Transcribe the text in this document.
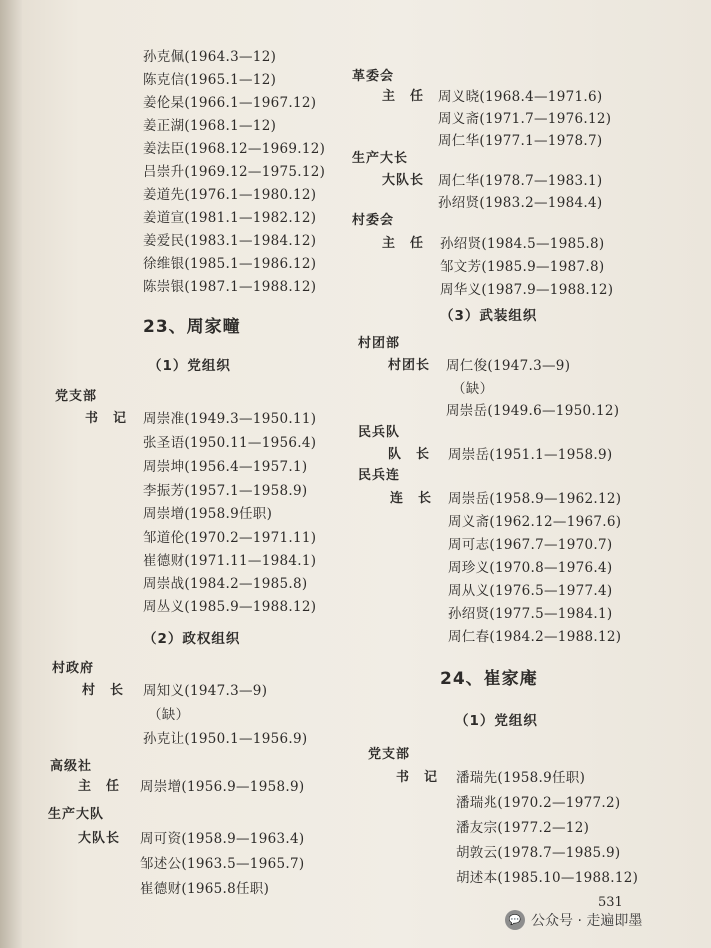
孙克佩(1964.3—12)
陈克信(1965.1—12)
姜伦杲(1966.1—1967.12)
姜正湖(1968.1—12)
姜法臣(1968.12—1969.12)
吕崇升(1969.12—1975.12)
姜道先(1976.1—1980.12)
姜道宣(1981.1—1982.12)
姜爱民(1983.1—1984.12)
徐维银(1985.1—1986.12)
陈崇银(1987.1—1988.12)
23、周家疃
（1）党组织
党支部
书　记 周崇准(1949.3—1950.11)
张圣语(1950.11—1956.4)
周崇坤(1956.4—1957.1)
李振芳(1957.1—1958.9)
周崇增(1958.9任职)
邹道伦(1970.2—1971.11)
崔德财(1971.11—1984.1)
周崇战(1984.2—1985.8)
周丛义(1985.9—1988.12)
（2）政权组织
村政府
村　长 周知义(1947.3—9)
（缺）
孙克让(1950.1—1956.9)
高级社
主　任 周崇增(1956.9—1958.9)
生产大队
大队长 周可资(1958.9—1963.4)
邹述公(1963.5—1965.7)
崔德财(1965.8任职)
革委会
主　任 周义晓(1968.4—1971.6)
周义斋(1971.7—1976.12)
周仁华(1977.1—1978.7)
生产大长
大队长 周仁华(1978.7—1983.1)
孙绍贤(1983.2—1984.4)
村委会
主　任 孙绍贤(1984.5—1985.8)
邹文芳(1985.9—1987.8)
周华义(1987.9—1988.12)
（3）武装组织
村团部
村团长 周仁俊(1947.3—9)
（缺）
周崇岳(1949.6—1950.12)
民兵队
队　长 周崇岳(1951.1—1958.9)
民兵连
连　长 周崇岳(1958.9—1962.12)
周义斋(1962.12—1967.6)
周可志(1967.7—1970.7)
周珍义(1970.8—1976.4)
周从义(1976.5—1977.4)
孙绍贤(1977.5—1984.1)
周仁春(1984.2—1988.12)
24、崔家庵
（1）党组织
党支部
书　记 潘瑞先(1958.9任职)
潘瑞兆(1970.2—1977.2)
潘友宗(1977.2—12)
胡敦云(1978.7—1985.9)
胡述本(1985.10—1988.12)
531
💬 公众号 · 走遍即墨
